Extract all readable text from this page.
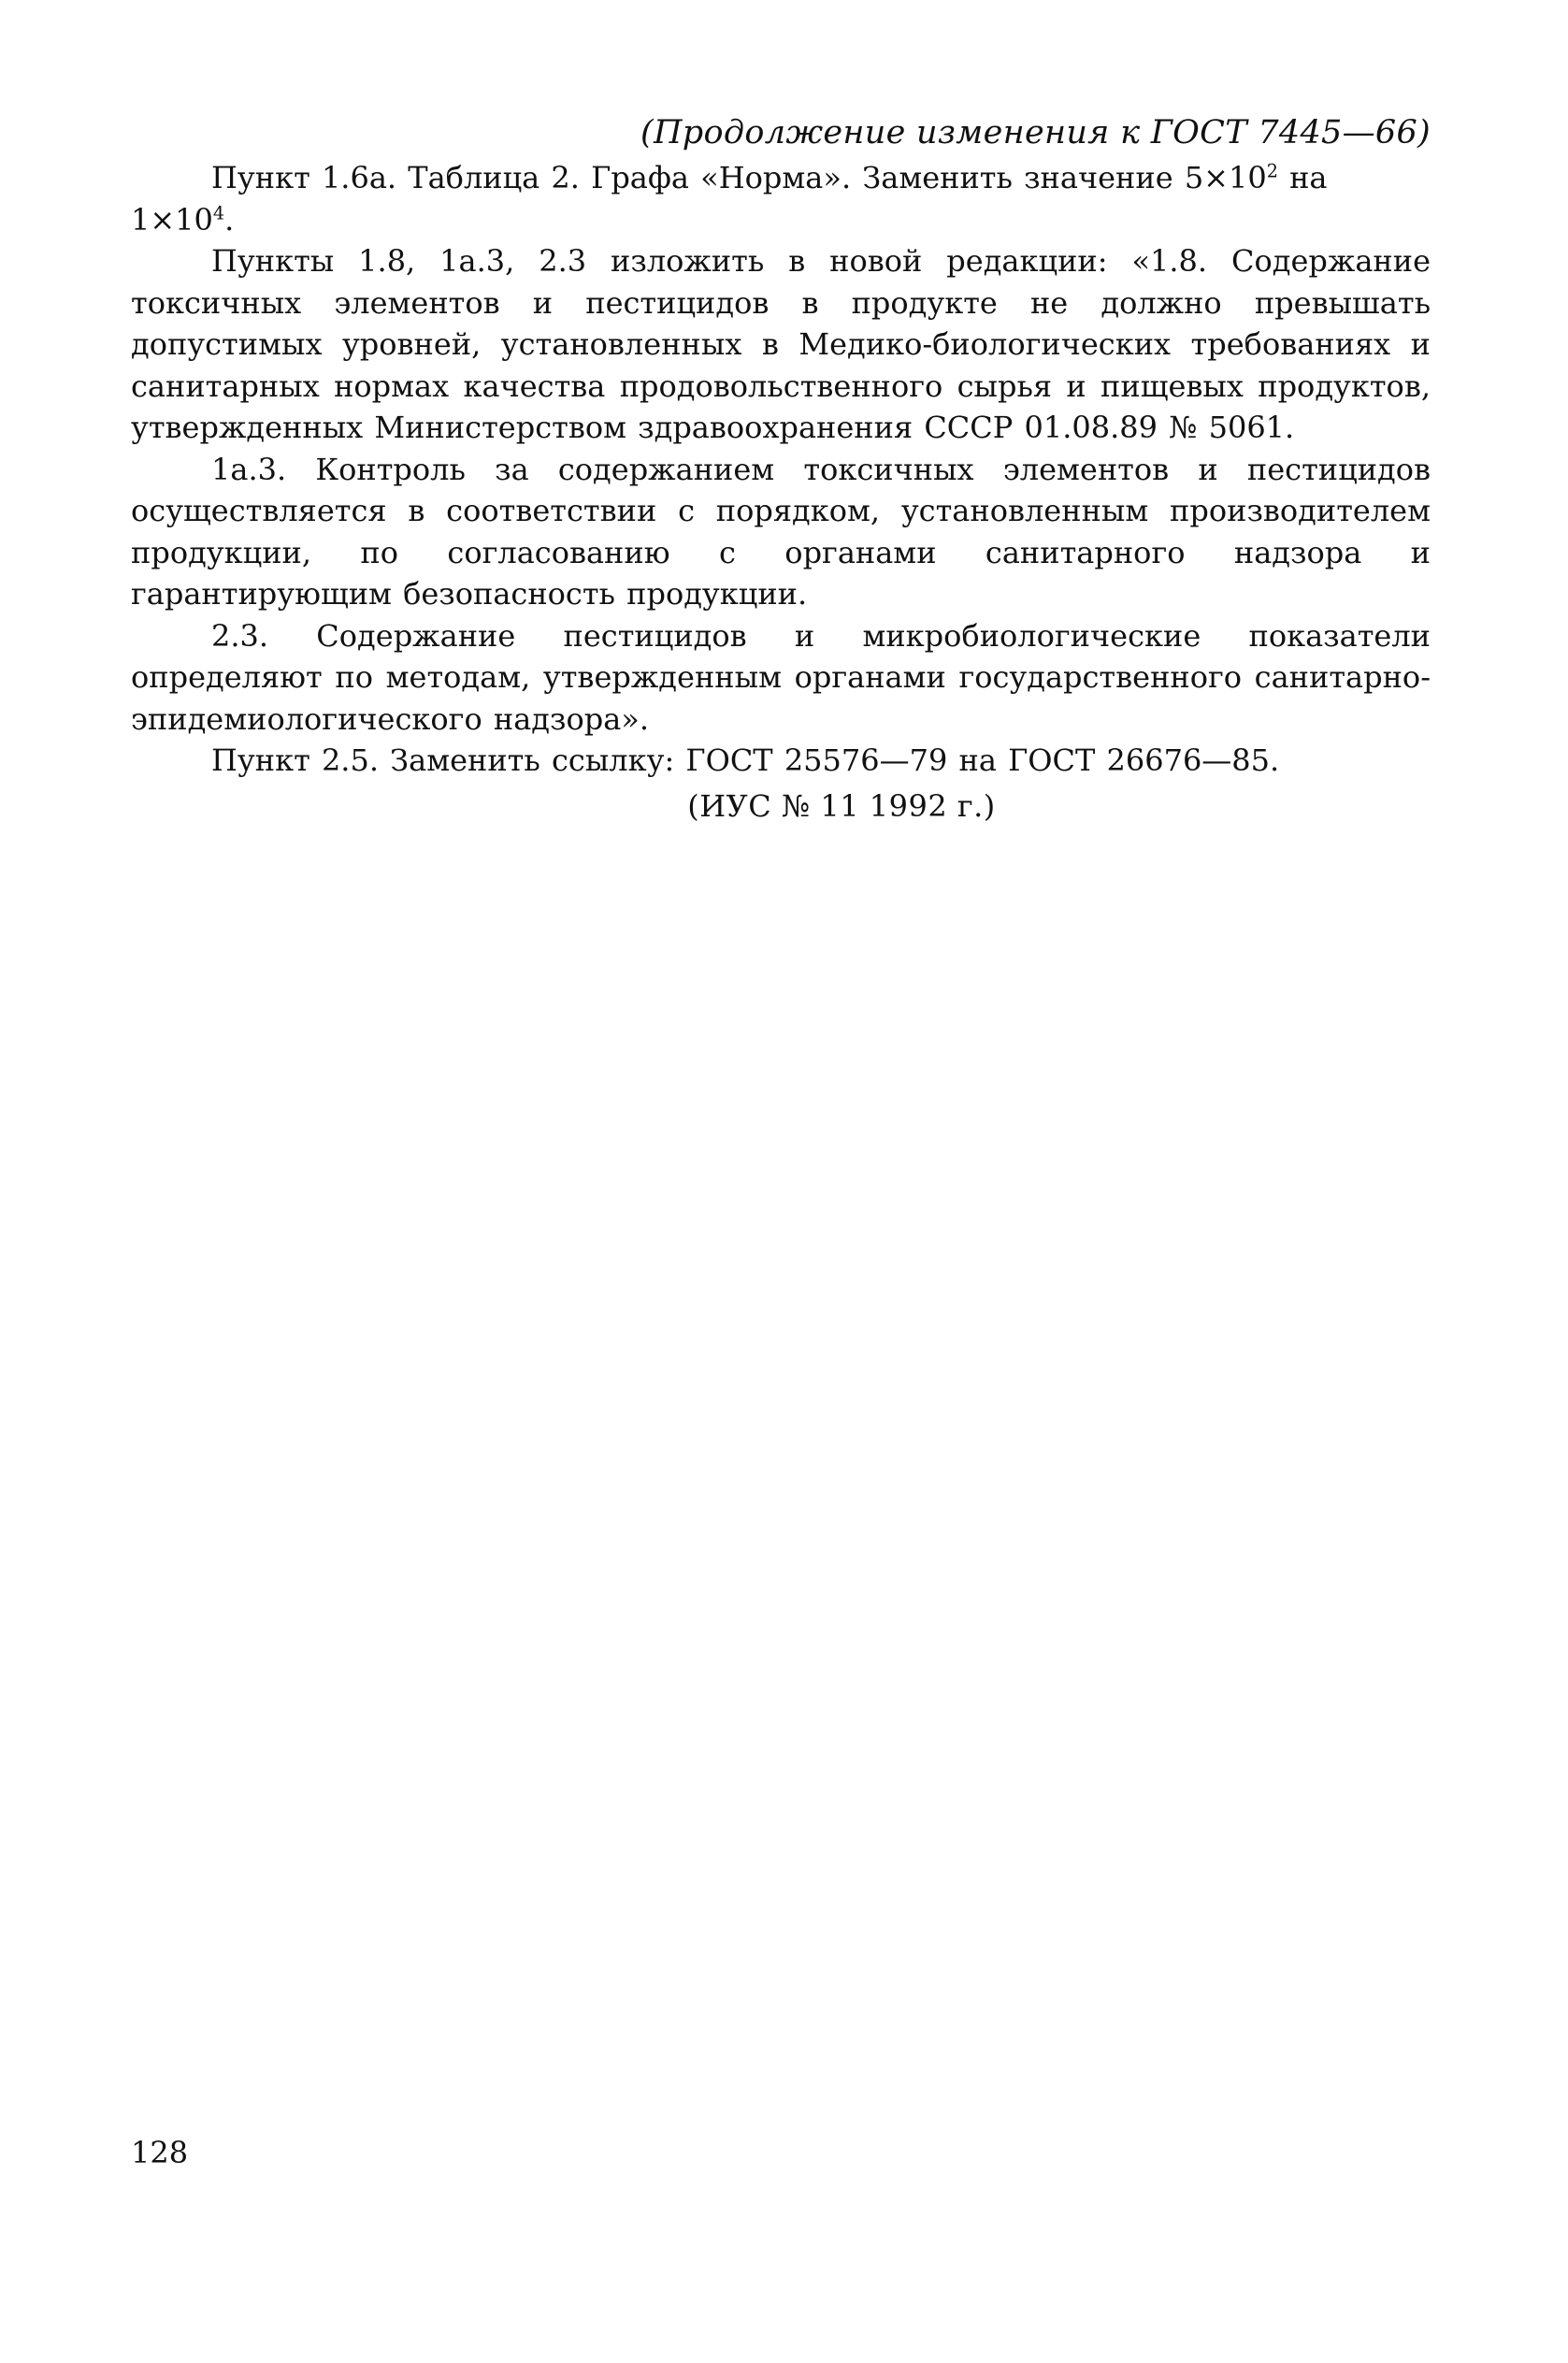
(Продолжение изменения к ГОСТ 7445—66)

Пункт 1.6а. Таблица 2. Графа «Норма». Заменить значение $5\times 10^2$ на $1\times 10^4$.

Пункты 1.8, 1а.3, 2.3 изложить в новой редакции: «1.8. Содержание токсичных элементов и пестицидов в продукте не должно превышать допустимых уровней, установленных в Медико-биологических требованиях и санитарных нормах качества продовольственного сырья и пищевых продуктов, утвержденных Министерством здравоохранения СССР 01.08.89 № 5061.

1а.3. Контроль за содержанием токсичных элементов и пестицидов осуществляется в соответствии с порядком, установленным производителем продукции, по согласованию с органами санитарного надзора и гарантирующим безопасность продукции.

2.3. Содержание пестицидов и микробиологические показатели определяют по методам, утвержденным органами государственного санитарно-эпидемиологического надзора».

Пункт 2.5. Заменить ссылку: ГОСТ 25576—79 на ГОСТ 26676—85.

(ИУС № 11 1992 г.)

128
